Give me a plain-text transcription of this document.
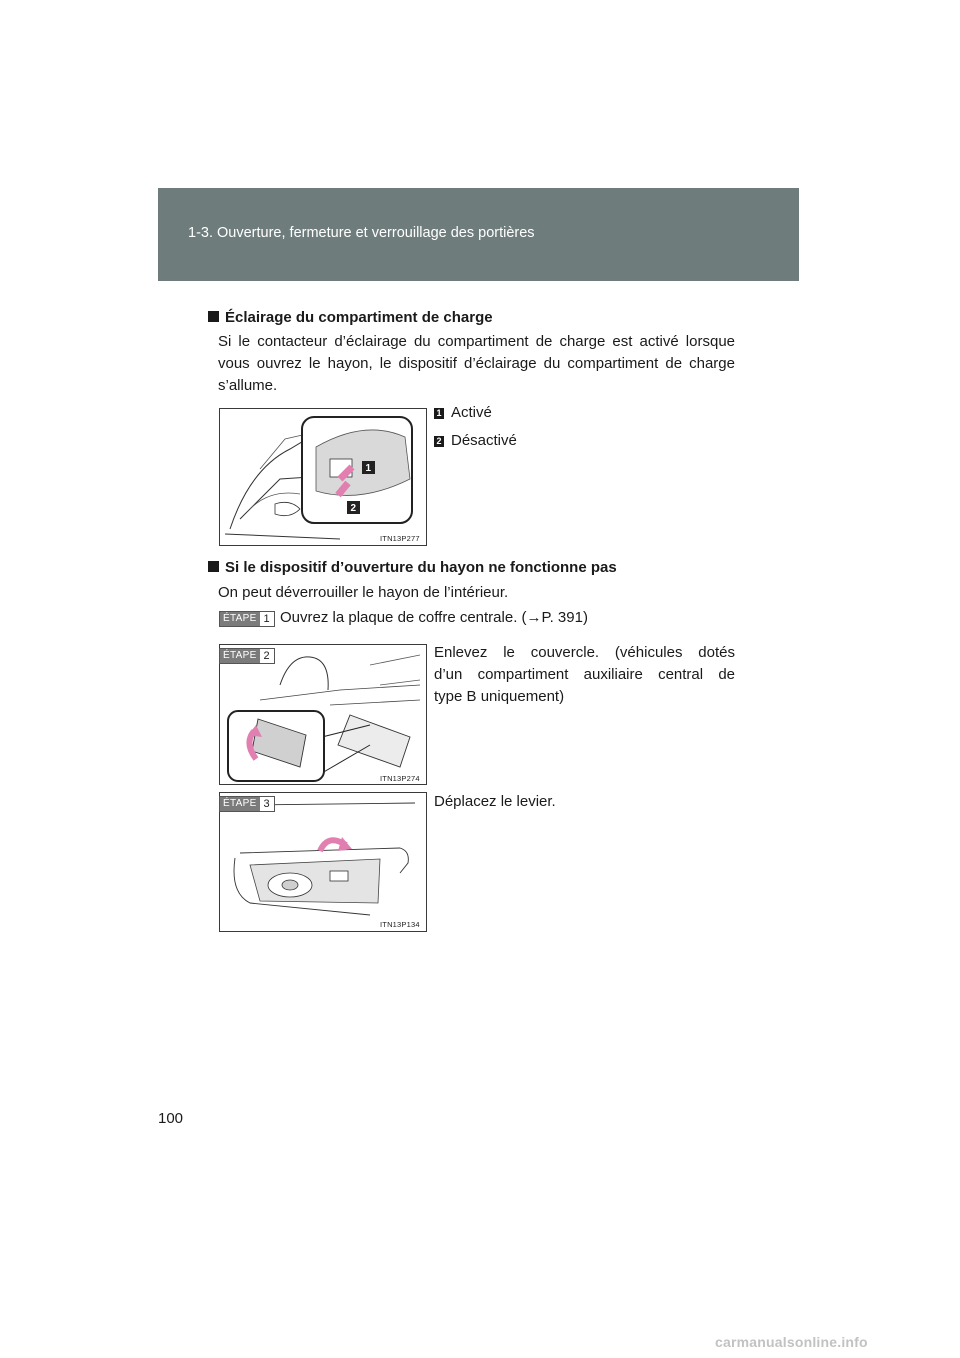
1-3. Ouverture, fermeture et verrouillage des portières
Éclairage du compartiment de charge
Si le contacteur d’éclairage du compartiment de charge est activé lorsque
vous ouvrez le hayon, le dispositif d’éclairage du compartiment de charge
s’allume.
1
2
ITN13P277
1 Activé
2 Désactivé
Si le dispositif d’ouverture du hayon ne fonctionne pas
On peut déverrouiller le hayon de l’intérieur.
ÉTAPE 1 Ouvrez la plaque de coffre centrale. (→P. 391)
ÉTAPE 2
ITN13P274
Enlevez le couvercle. (véhicules dotés
d’un compartiment auxiliaire central de
type B uniquement)
ÉTAPE 3
ITN13P134
Déplacez le levier.
100
carmanualsonline.info
